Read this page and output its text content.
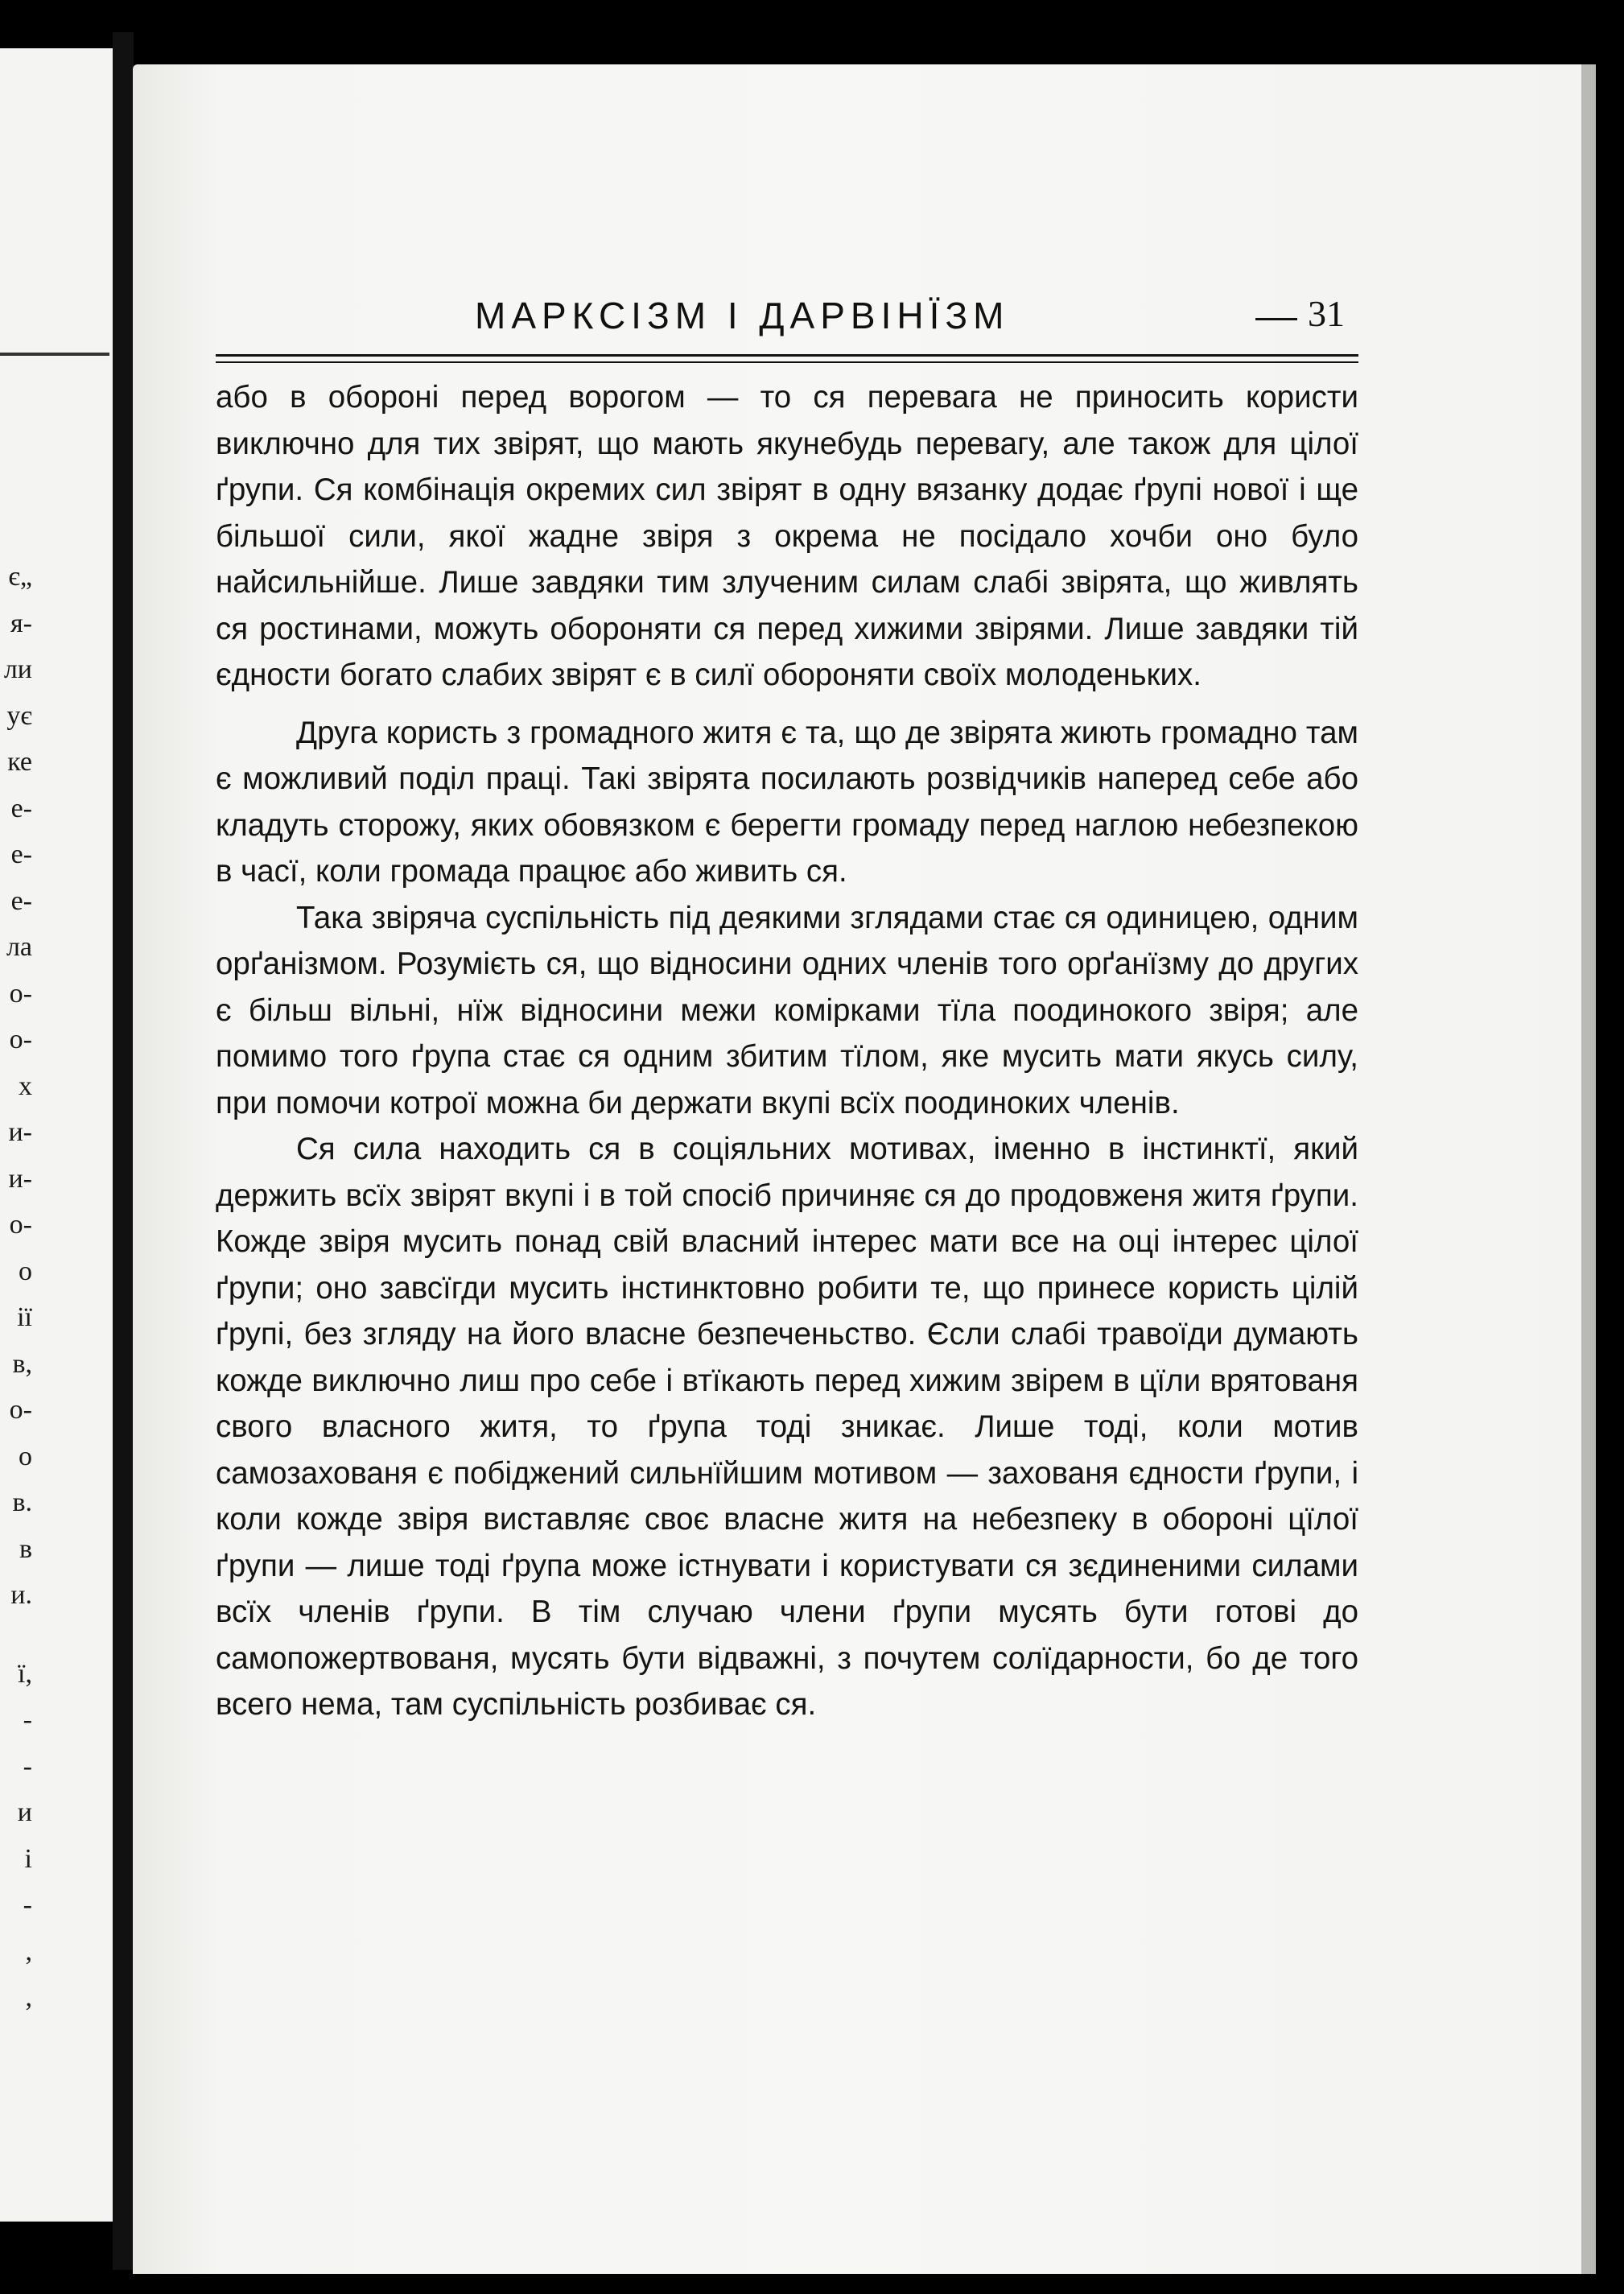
є„
я-
ли
ує
ке
е-
е-
е-
ла
о-
о-
х
и-
и-
о-
о
ії
в,
о-
о
в.
в
и.
ї,
-
-
и
і
-
,
,
МАРКСІЗМ І ДАРВІНЇЗМ	31

або в обороні перед ворогом — то ся перевага не приносить користи виключно для тих звірят, що мають якунебудь перевагу, але також для цілої ґрупи. Ся комбінація окремих сил звірят в одну вязанку додає ґрупі нової і ще більшої сили, якої жадне звіря з окрема не посідало хочби оно було найсильнійше. Лише завдяки тим злученим силам слабі звірята, що живлять ся ростинами, можуть обороняти ся перед хижими звірями. Лише завдяки тій єдности богато слабих звірят є в силї обороняти своїх молоденьких.

Друга користь з громадного житя є та, що де звірята жиють громадно там є можливий поділ праці. Такі звірята посилають розвідчиків наперед себе або кладуть сторожу, яких обовязком є берегти громаду перед наглою небезпекою в часї, коли громада працює або живить ся.

Така звіряча суспільність під деякими зглядами стає ся одиницею, одним орґанізмом. Розумієть ся, що відносини одних членів того орґанїзму до других є більш вільні, нїж відносини межи комірками тїла поодинокого звіря; але помимо того ґрупа стає ся одним збитим тїлом, яке мусить мати якусь силу, при помочи котрої можна би держати вкупі всїх поодиноких членів.

Ся сила находить ся в соціяльних мотивах, іменно в інстинктї, який держить всїх звірят вкупі і в той спосіб причиняє ся до продовженя житя ґрупи. Кожде звіря мусить понад свій власний інтерес мати все на оці інтерес цілої ґрупи; оно завсїгди мусить інстинктовно робити те, що принесе користь цілій ґрупі, без згляду на його власне безпеченьство. Єсли слабі травоїди думають кожде виключно лиш про себе і втїкають перед хижим звірем в цїли врятованя свого власного житя, то ґрупа тоді зникає. Лише тоді, коли мотив самозахованя є побіджений сильнїйшим мотивом — захованя єдности ґрупи, і коли кожде звіря виставляє своє власне житя на небезпеку в обороні цїлої ґрупи — лише тоді ґрупа може істнувати і користувати ся зєдиненими силами всїх членів ґрупи. В тім случаю члени ґрупи мусять бути готові до самопожертвованя, мусять бути відважні, з почутем солїдарности, бо де того всего нема, там суспільність розбиває ся.
